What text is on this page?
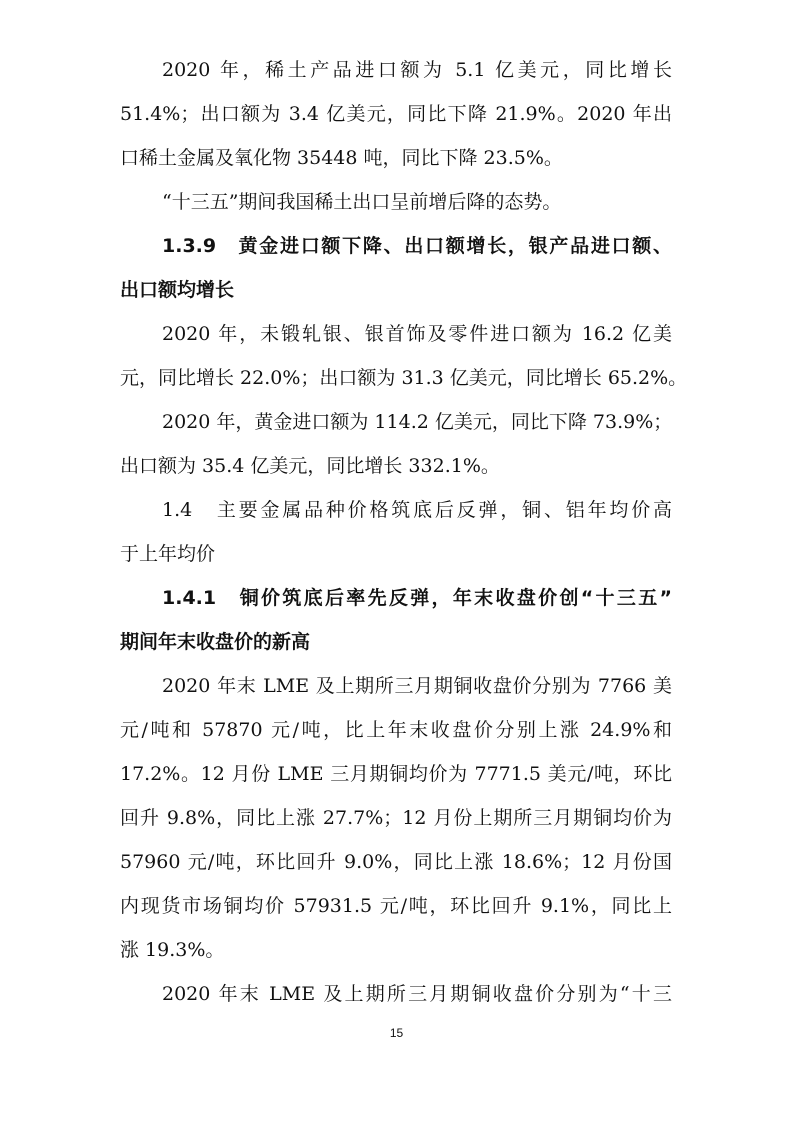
2020 年，稀土产品进口额为 5.1 亿美元，同比增长
51.4%；出口额为 3.4 亿美元，同比下降 21.9%。2020 年出
口稀土金属及氧化物 35448 吨，同比下降 23.5%。
“十三五”期间我国稀土出口呈前增后降的态势。
1.3.9　黄金进口额下降、出口额增长，银产品进口额、
出口额均增长
2020 年，未锻轧银、银首饰及零件进口额为 16.2 亿美
元，同比增长 22.0%；出口额为 31.3 亿美元，同比增长 65.2%。
2020 年，黄金进口额为 114.2 亿美元，同比下降 73.9%；
出口额为 35.4 亿美元，同比增长 332.1%。
1.4　主要金属品种价格筑底后反弹，铜、铝年均价高
于上年均价
1.4.1　铜价筑底后率先反弹，年末收盘价创“十三五”
期间年末收盘价的新高
2020 年末 LME 及上期所三月期铜收盘价分别为 7766 美
元/吨和 57870 元/吨，比上年末收盘价分别上涨 24.9%和
17.2%。12 月份 LME 三月期铜均价为 7771.5 美元/吨，环比
回升 9.8%，同比上涨 27.7%；12 月份上期所三月期铜均价为
57960 元/吨，环比回升 9.0%，同比上涨 18.6%；12 月份国
内现货市场铜均价 57931.5 元/吨，环比回升 9.1%，同比上
涨 19.3%。
15
2020 年末 LME 及上期所三月期铜收盘价分别为“十三
